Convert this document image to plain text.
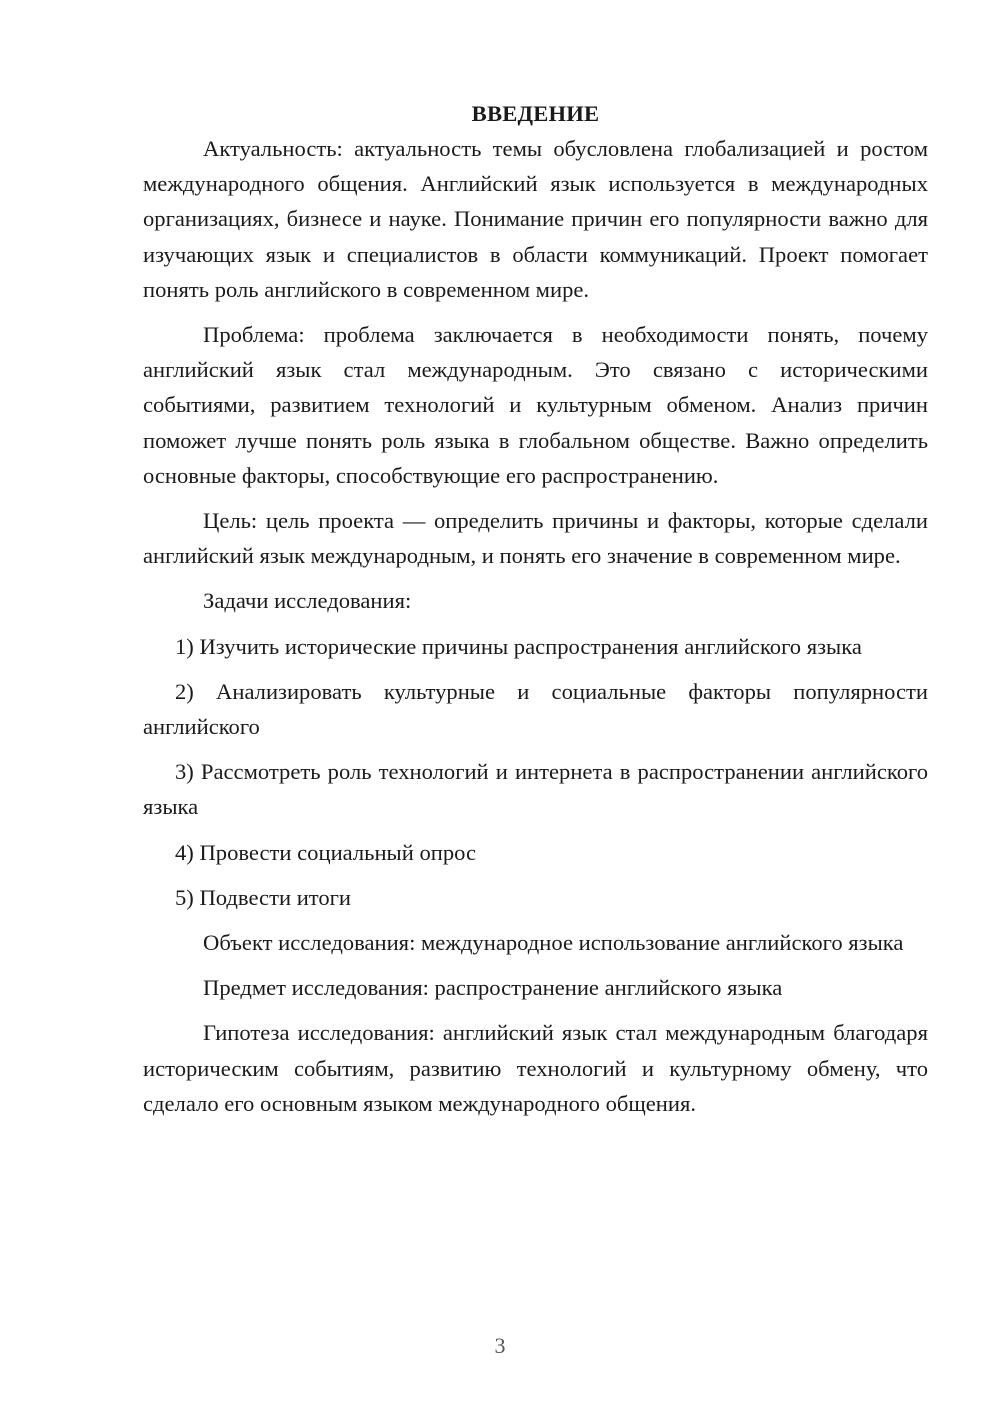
ВВЕДЕНИЕ

Актуальность: актуальность темы обусловлена глобализацией и ростом международного общения. Английский язык используется в международных организациях, бизнесе и науке. Понимание причин его популярности важно для изучающих язык и специалистов в области коммуникаций. Проект помогает понять роль английского в современном мире.

Проблема: проблема заключается в необходимости понять, почему английский язык стал международным. Это связано с историческими событиями, развитием технологий и культурным обменом. Анализ причин поможет лучше понять роль языка в глобальном обществе. Важно определить основные факторы, способствующие его распространению.

Цель: цель проекта — определить причины и факторы, которые сделали английский язык международным, и понять его значение в современном мире.

Задачи исследования:

1) Изучить исторические причины распространения английского языка

2) Анализировать культурные и социальные факторы популярности английского

3) Рассмотреть роль технологий и интернета в распространении английского языка

4) Провести социальный опрос

5) Подвести итоги

Объект исследования: международное использование английского языка

Предмет исследования: распространение английского языка

Гипотеза исследования: английский язык стал международным благодаря историческим событиям, развитию технологий и культурному обмену, что сделало его основным языком международного общения.

3
